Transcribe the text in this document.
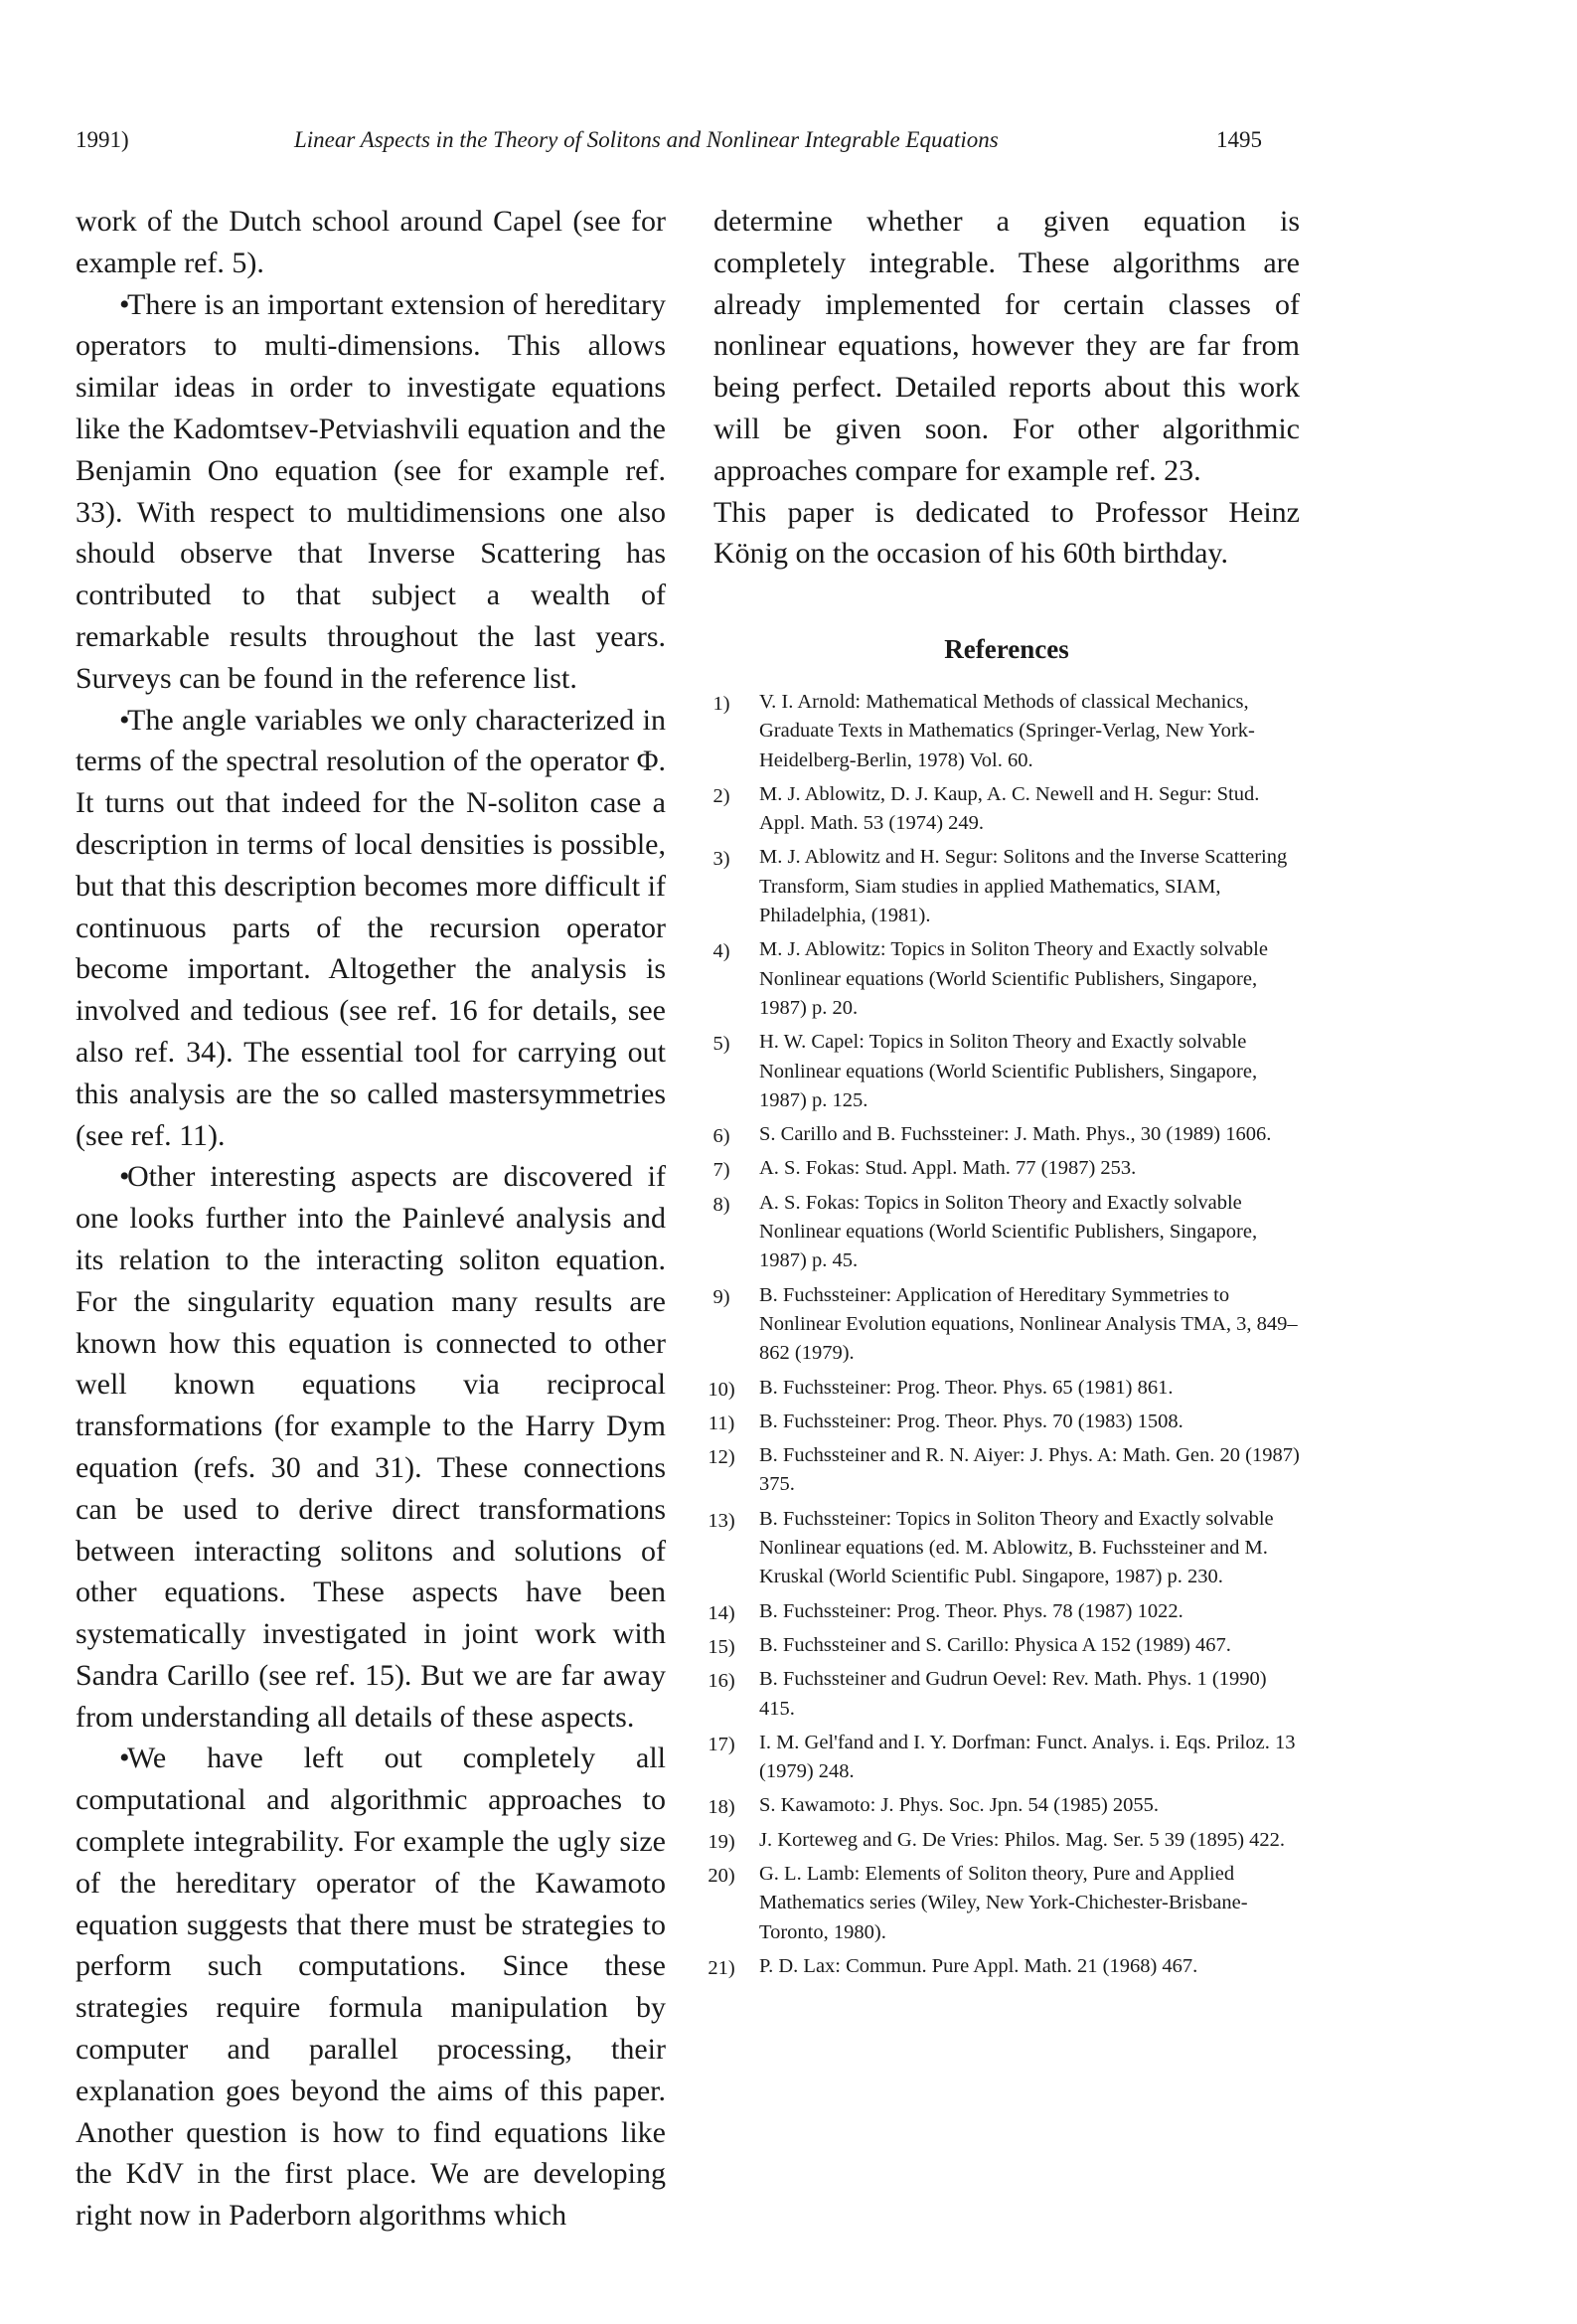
1991)	Linear Aspects in the Theory of Solitons and Nonlinear Integrable Equations	1495

work of the Dutch school around Capel (see for example ref. 5).

•There is an important extension of hereditary operators to multi-dimensions. This allows similar ideas in order to investigate equations like the Kadomtsev-Petviashvili equation and the Benjamin Ono equation (see for example ref. 33). With respect to multidimensions one also should observe that Inverse Scattering has contributed to that subject a wealth of remarkable results throughout the last years. Surveys can be found in the reference list.

•The angle variables we only characterized in terms of the spectral resolution of the operator Φ. It turns out that indeed for the N-soliton case a description in terms of local densities is possible, but that this description becomes more difficult if continuous parts of the recursion operator become important. Altogether the analysis is involved and tedious (see ref. 16 for details, see also ref. 34). The essential tool for carrying out this analysis are the so called mastersymmetries (see ref. 11).

•Other interesting aspects are discovered if one looks further into the Painlevé analysis and its relation to the interacting soliton equation. For the singularity equation many results are known how this equation is connected to other well known equations via reciprocal transformations (for example to the Harry Dym equation (refs. 30 and 31). These connections can be used to derive direct transformations between interacting solitons and solutions of other equations. These aspects have been systematically investigated in joint work with Sandra Carillo (see ref. 15). But we are far away from understanding all details of these aspects.

•We have left out completely all computational and algorithmic approaches to complete integrability. For example the ugly size of the hereditary operator of the Kawamoto equation suggests that there must be strategies to perform such computations. Since these strategies require formula manipulation by computer and parallel processing, their explanation goes beyond the aims of this paper. Another question is how to find equations like the KdV in the first place. We are developing right now in Paderborn algorithms which

determine whether a given equation is completely integrable. These algorithms are already implemented for certain classes of nonlinear equations, however they are far from being perfect. Detailed reports about this work will be given soon. For other algorithmic approaches compare for example ref. 23.

This paper is dedicated to Professor Heinz König on the occasion of his 60th birthday.

References
1)	V. I. Arnold: Mathematical Methods of classical Mechanics, Graduate Texts in Mathematics (Springer-Verlag, New York-Heidelberg-Berlin, 1978) Vol. 60.
2)	M. J. Ablowitz, D. J. Kaup, A. C. Newell and H. Segur: Stud. Appl. Math. 53 (1974) 249.
3)	M. J. Ablowitz and H. Segur: Solitons and the Inverse Scattering Transform, Siam studies in applied Mathematics, SIAM, Philadelphia, (1981).
4)	M. J. Ablowitz: Topics in Soliton Theory and Exactly solvable Nonlinear equations (World Scientific Publishers, Singapore, 1987) p. 20.
5)	H. W. Capel: Topics in Soliton Theory and Exactly solvable Nonlinear equations (World Scientific Publishers, Singapore, 1987) p. 125.
6)	S. Carillo and B. Fuchssteiner: J. Math. Phys., 30 (1989) 1606.
7)	A. S. Fokas: Stud. Appl. Math. 77 (1987) 253.
8)	A. S. Fokas: Topics in Soliton Theory and Exactly solvable Nonlinear equations (World Scientific Publishers, Singapore, 1987) p. 45.
9)	B. Fuchssteiner: Application of Hereditary Symmetries to Nonlinear Evolution equations, Nonlinear Analysis TMA, 3, 849–862 (1979).
10)	B. Fuchssteiner: Prog. Theor. Phys. 65 (1981) 861.
11)	B. Fuchssteiner: Prog. Theor. Phys. 70 (1983) 1508.
12)	B. Fuchssteiner and R. N. Aiyer: J. Phys. A: Math. Gen. 20 (1987) 375.
13)	B. Fuchssteiner: Topics in Soliton Theory and Exactly solvable Nonlinear equations (ed. M. Ablowitz, B. Fuchssteiner and M. Kruskal (World Scientific Publ. Singapore, 1987) p. 230.
14)	B. Fuchssteiner: Prog. Theor. Phys. 78 (1987) 1022.
15)	B. Fuchssteiner and S. Carillo: Physica A 152 (1989) 467.
16)	B. Fuchssteiner and Gudrun Oevel: Rev. Math. Phys. 1 (1990) 415.
17)	I. M. Gel'fand and I. Y. Dorfman: Funct. Analys. i. Eqs. Priloz. 13 (1979) 248.
18)	S. Kawamoto: J. Phys. Soc. Jpn. 54 (1985) 2055.
19)	J. Korteweg and G. De Vries: Philos. Mag. Ser. 5 39 (1895) 422.
20)	G. L. Lamb: Elements of Soliton theory, Pure and Applied Mathematics series (Wiley, New York-Chichester-Brisbane-Toronto, 1980).
21)	P. D. Lax: Commun. Pure Appl. Math. 21 (1968) 467.
